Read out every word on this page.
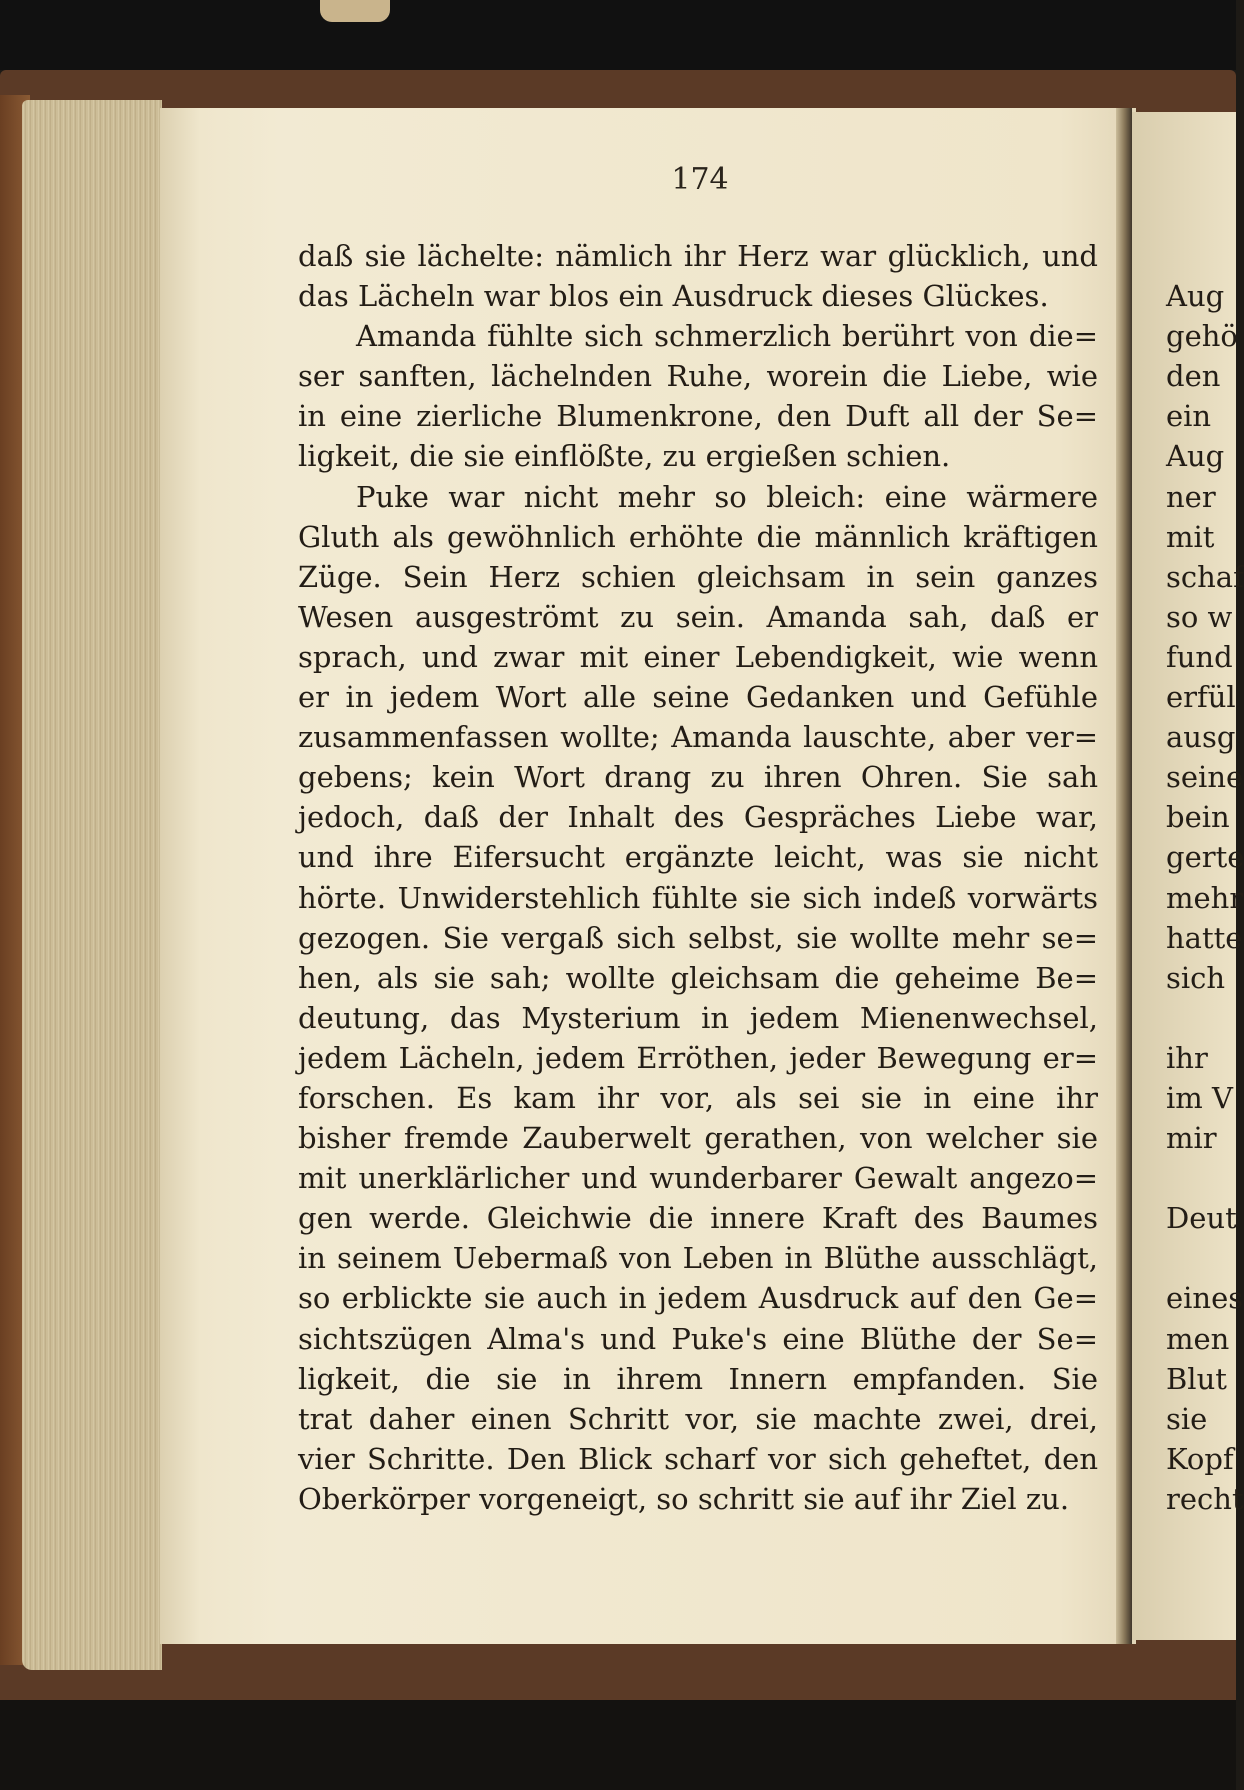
174
daß sie lächelte: nämlich ihr Herz war glücklich, und
das Lächeln war blos ein Ausdruck dieses Glückes.
Amanda fühlte sich schmerzlich berührt von die=
ser sanften, lächelnden Ruhe, worein die Liebe, wie
in eine zierliche Blumenkrone, den Duft all der Se=
ligkeit, die sie einflößte, zu ergießen schien.
Puke war nicht mehr so bleich: eine wärmere
Gluth als gewöhnlich erhöhte die männlich kräftigen
Züge. Sein Herz schien gleichsam in sein ganzes
Wesen ausgeströmt zu sein. Amanda sah, daß er
sprach, und zwar mit einer Lebendigkeit, wie wenn
er in jedem Wort alle seine Gedanken und Gefühle
zusammenfassen wollte; Amanda lauschte, aber ver=
gebens; kein Wort drang zu ihren Ohren. Sie sah
jedoch, daß der Inhalt des Gespräches Liebe war,
und ihre Eifersucht ergänzte leicht, was sie nicht
hörte. Unwiderstehlich fühlte sie sich indeß vorwärts
gezogen. Sie vergaß sich selbst, sie wollte mehr se=
hen, als sie sah; wollte gleichsam die geheime Be=
deutung, das Mysterium in jedem Mienenwechsel,
jedem Lächeln, jedem Erröthen, jeder Bewegung er=
forschen. Es kam ihr vor, als sei sie in eine ihr
bisher fremde Zauberwelt gerathen, von welcher sie
mit unerklärlicher und wunderbarer Gewalt angezo=
gen werde. Gleichwie die innere Kraft des Baumes
in seinem Uebermaß von Leben in Blüthe ausschlägt,
so erblickte sie auch in jedem Ausdruck auf den Ge=
sichtszügen Alma's und Puke's eine Blüthe der Se=
ligkeit, die sie in ihrem Innern empfanden. Sie
trat daher einen Schritt vor, sie machte zwei, drei,
vier Schritte. Den Blick scharf vor sich geheftet, den
Oberkörper vorgeneigt, so schritt sie auf ihr Ziel zu.
Aug
gehö
den
ein
Aug
ner
mit
schaf
so w
fund
erfül
ausg
seine
bein
gerte
mehr
hatte
sich
ihr
im V
mir
Deut
eines
men
Blut
sie
Kopf
recht
